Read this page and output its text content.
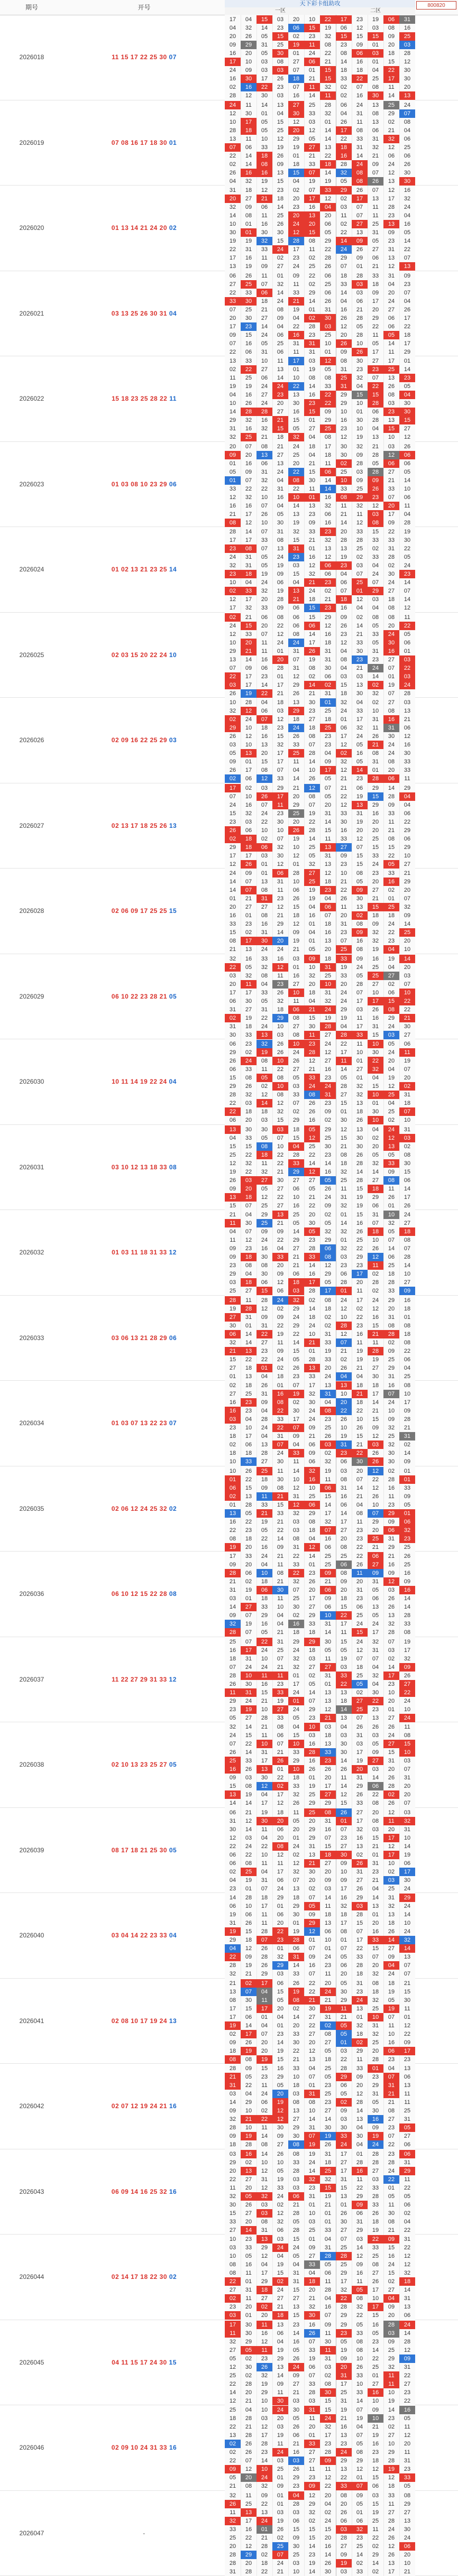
期号	开号	天下彩卡组助攻
一区	二区
800820
2026018	11 15 17 22 25 30 07
17	04	15	03	20	10	22	17	23	19	06	31
04	32	14	23	06	15	19	06	12	03	08	16
20	26	05	15	02	23	32	15	15	15	09	25
09	29	31	25	19	11	08	23	09	01	20	03
16	20	05	30	01	24	22	08	06	03	18	28
17	10	03	08	27	06	21	14	16	01	15	12
24	09	03	03	07	01	15	18	18	04	22	30
16	30	17	26	18	21	15	33	22	25	17	30
02	16	22	23	07	11	32	02	07	08	11	20
28	12	30	03	16	14	11	02	16	30	14	13
2026019	07 08 16 17 18 30 01
24	11	14	13	27	25	28	06	24	13	25	24
12	30	01	04	30	33	32	04	31	08	29	07
10	17	05	15	12	03	01	26	11	13	02	08
28	18	05	25	20	12	14	17	08	06	21	04
13	11	10	12	29	05	14	22	33	31	32	06
07	06	33	19	19	27	13	18	31	32	12	25
22	14	18	26	01	21	22	16	14	21	06	06
02	14	08	09	18	33	18	28	24	09	24	26
26	16	16	13	15	07	14	32	08	07	12	30
04	32	19	15	04	19	19	05	08	26	13	30
2026020	01 13 14 21 24 20 02
31	18	12	23	02	07	33	29	26	07	12	16
20	27	21	18	20	17	12	02	17	13	17	32
32	09	06	14	23	16	04	03	07	11	28	24
14	08	11	25	20	13	20	11	07	11	23	04
10	01	16	26	24	20	06	02	27	25	13	16
30	01	30	30	12	15	05	22	13	31	09	05
19	19	32	15	28	08	29	14	09	05	23	14
22	31	33	24	17	11	22	24	26	27	31	22
17	16	11	02	23	02	28	29	09	06	13	07
13	19	09	27	24	25	26	07	01	21	12	13
2026021	03 13 25 26 30 31 04
06	26	11	01	09	22	06	18	28	33	31	09
27	25	07	32	11	02	25	33	03	18	04	23
22	33	06	14	33	29	06	14	03	09	20	07
33	30	18	24	21	14	26	04	06	17	24	04
07	25	21	08	19	01	31	16	21	20	27	26
20	30	27	09	04	02	30	26	28	29	06	17
17	23	14	04	22	28	03	12	05	22	06	22
09	15	24	06	16	23	25	20	28	11	05	18
07	16	05	25	31	31	10	26	10	05	14	17
22	06	31	06	11	31	01	09	26	17	11	29
2026022	15 18 23 25 28 22 11
13	33	10	11	17	03	12	08	30	27	17	01
02	22	27	13	01	19	05	31	23	23	25	14
11	25	06	14	10	08	08	25	32	07	13	23
19	19	24	24	22	14	33	31	04	22	26	05
04	16	27	23	13	16	22	29	15	15	08	04
10	26	24	20	30	23	22	29	10	28	03	30
14	28	28	27	16	15	09	10	01	06	23	30
29	32	16	21	15	01	29	16	30	28	13	15
31	16	32	15	05	27	25	23	10	04	15	27
32	25	21	18	32	04	08	12	19	13	10	12
2026023	01 03 08 10 23 29 06
20	07	08	21	24	18	17	30	32	21	03	26
09	20	13	27	25	04	18	30	09	28	12	06
01	16	06	13	20	21	11	02	28	05	06	06
05	09	31	24	22	15	06	25	03	28	27	05
01	07	32	04	08	30	14	10	09	09	21	14
33	22	22	31	22	11	14	33	25	26	33	10
12	32	10	16	10	01	16	08	29	23	07	06
16	16	07	04	14	13	32	11	32	12	20	11
21	17	26	05	13	23	06	21	11	03	17	04
08	12	10	30	19	09	16	14	12	08	09	28
2026024	01 02 13 21 23 25 14
28	14	07	31	32	33	23	20	33	15	22	19
17	17	33	08	15	21	32	28	28	33	33	30
23	08	07	13	31	01	13	13	25	02	31	22
24	31	05	24	23	16	12	19	02	33	28	05
32	31	05	19	03	12	06	23	03	04	02	24
23	18	19	09	15	32	06	04	07	24	30	23
10	04	24	06	04	21	23	06	25	07	24	14
02	33	32	19	13	24	02	07	01	29	27	07
12	17	20	28	21	18	21	18	12	03	18	14
17	32	33	09	06	15	23	16	04	04	08	12
2026025	02 03 15 20 22 24 10
02	21	06	08	06	15	29	09	02	08	08	11
24	15	20	22	06	06	12	26	14	05	20	22
12	33	07	12	08	14	16	23	21	33	24	05
10	20	11	24	24	17	18	12	33	05	30	06
29	21	11	01	31	26	31	04	30	31	16	01
13	14	16	20	07	19	31	08	23	23	27	03
07	09	06	28	31	08	30	04	21	24	07	22
22	17	23	01	12	02	06	03	03	14	01	03
03	17	14	17	29	14	02	15	13	02	19	24
26	19	22	21	26	21	31	18	30	32	07	28
2026026	02 09 16 22 25 29 03
10	28	04	18	13	30	01	32	04	02	27	03
32	12	06	03	29	23	25	24	33	10	08	13
02	24	07	12	18	27	18	01	17	31	16	21
29	10	18	23	24	18	25	06	32	11	31	06
26	12	16	15	26	08	23	17	24	26	30	12
03	10	13	32	33	07	23	12	05	21	24	16
05	13	20	17	25	28	04	02	16	08	24	30
09	01	15	17	11	14	09	32	05	31	08	33
26	17	08	07	04	10	17	12	14	01	20	33
02	06	12	33	14	26	05	21	23	28	06	11
2026027	02 13 17 18 25 26 13
17	02	03	29	21	12	07	21	06	29	14	29
07	10	26	17	20	08	05	22	19	15	28	04
24	16	07	11	29	07	20	12	13	29	09	04
15	32	24	23	25	19	31	33	31	16	33	06
23	03	22	30	20	22	14	30	19	20	11	22
26	06	10	10	26	28	15	16	20	20	21	29
02	18	02	07	19	14	11	33	12	25	08	06
29	18	06	32	10	25	13	27	07	15	15	29
17	17	03	30	12	05	31	09	15	33	22	10
12	26	01	12	01	32	13	23	15	24	05	27
2026028	02 06 09 17 25 25 15
24	09	01	06	28	27	12	10	08	23	33	21
14	07	13	31	10	25	18	21	05	20	16	29
14	07	08	11	06	19	23	22	09	27	02	20
01	21	31	23	26	19	04	26	30	21	01	07
20	27	27	12	15	04	06	11	13	15	25	32
16	01	08	21	18	16	07	20	02	18	18	09
33	23	16	29	12	01	18	31	08	09	24	14
15	02	31	14	09	04	16	23	09	32	22	25
08	17	30	20	19	01	13	07	16	32	23	20
21	13	24	24	21	05	20	25	08	19	04	10
2026029	06 10 22 23 28 21 05
32	16	33	16	03	09	18	33	09	16	19	14
22	05	32	12	01	10	31	19	24	25	04	20
03	32	08	11	16	32	25	33	05	25	27	03
20	11	04	23	27	20	10	20	28	27	02	07
17	17	33	26	10	18	31	24	07	10	06	10
06	30	05	32	11	04	32	24	17	17	15	22
31	27	31	18	06	21	24	29	03	26	08	22
02	19	22	29	08	15	19	19	11	16	29	21
31	18	24	10	27	30	28	04	17	31	24	30
30	33	13	03	08	11	27	28	33	15	03	27
2026030	10 11 14 19 22 24 04
06	23	32	26	10	23	24	22	11	10	05	06
29	02	19	26	24	28	12	17	10	30	24	11
26	24	08	10	26	12	27	11	01	22	20	19
06	33	11	22	27	21	16	14	27	32	04	07
15	08	05	08	05	33	23	05	01	04	19	20
29	26	02	10	03	24	24	28	32	15	12	02
28	32	12	08	33	08	31	27	32	10	25	31
22	03	14	12	07	26	23	15	13	01	04	18
22	18	18	32	02	26	09	01	18	30	25	07
06	20	03	15	29	16	02	30	26	10	02	10
2026031	03 10 12 13 18 33 08
13	30	30	03	18	05	29	12	13	04	24	31
04	33	05	07	15	12	25	15	30	02	12	03
15	15	08	10	04	25	30	21	30	20	13	02
25	22	18	22	28	22	23	08	26	05	05	08
12	32	11	22	33	14	14	18	28	32	33	30
19	22	32	21	29	12	16	32	14	14	09	15
26	03	27	30	27	27	05	25	28	27	08	06
09	20	05	27	06	05	26	11	15	18	11	14
13	18	12	22	10	21	24	31	19	29	26	17
15	07	25	27	16	22	09	32	19	06	01	26
2026032	01 03 11 18 31 33 12
21	04	29	13	25	20	02	01	15	31	10	24
11	30	25	21	05	30	05	14	16	07	32	27
04	07	09	09	14	05	32	32	26	18	05	18
11	12	24	22	29	23	29	01	25	10	07	08
09	23	16	04	27	28	06	32	22	26	14	07
09	18	30	33	21	33	08	03	29	12	06	28
23	08	08	20	21	14	12	23	23	11	25	14
29	04	30	09	06	16	29	06	17	02	18	10
03	18	06	12	18	17	05	28	20	28	28	27
25	27	15	06	03	28	17	01	11	02	33	09
2026033	03 06 13 21 28 29 06
28	11	28	24	32	02	08	24	17	24	29	16
19	28	12	02	29	14	18	12	02	12	20	18
27	31	09	09	24	18	02	10	22	16	31	01
30	01	31	22	29	24	02	28	23	15	08	08
06	14	22	19	22	10	31	12	16	21	28	18
32	14	27	11	14	21	33	07	11	11	02	08
21	13	23	09	15	01	19	21	19	28	09	22
15	22	22	24	05	28	33	02	19	19	25	06
27	18	01	02	26	13	20	26	21	27	29	04
01	13	04	18	23	33	24	04	04	30	31	25
2026034	01 03 07 13 22 23 07
02	18	26	01	07	17	13	13	18	18	16	08
27	25	31	16	19	32	31	10	21	17	07	10
16	23	09	08	02	30	04	20	18	14	24	17
16	23	04	22	30	24	08	22	22	21	10	09
03	04	28	33	17	24	23	26	10	15	09	28
23	10	24	22	07	09	25	10	26	09	32	21
18	17	04	31	09	21	26	19	15	12	25	31
02	06	13	07	04	06	03	31	21	03	32	02
18	18	28	24	33	09	02	23	22	26	30	14
10	33	27	30	11	06	32	06	30	26	30	09
2026035	02 06 12 24 25 32 02
10	26	25	11	14	32	19	03	20	12	02	01
01	22	18	30	10	16	11	08	07	22	28	01
06	15	09	08	12	10	06	31	14	12	16	33
02	13	11	21	31	25	15	16	21	26	11	09
01	28	33	15	12	06	14	06	04	10	23	05
13	05	21	33	32	29	17	14	08	07	29	01
16	22	19	21	03	08	32	17	11	29	09	06
22	23	05	22	03	18	07	27	23	20	06	32
08	18	22	14	08	04	16	20	23	25	31	23
19	20	16	09	31	12	06	08	22	21	29	25
2026036	06 10 12 15 22 28 08
17	33	24	21	22	14	25	25	22	06	21	26
09	20	04	11	33	01	25	06	26	27	16	25
28	06	10	08	22	23	09	08	11	09	09	16
21	02	18	21	32	26	21	09	20	31	12	09
31	19	06	30	07	20	06	20	31	05	03	16
03	01	18	11	25	17	09	18	23	06	26	14
14	27	33	10	30	27	06	15	06	13	26	14
09	07	29	04	02	29	10	22	25	05	13	28
32	19	16	04	16	33	31	17	24	24	32	33
28	07	05	21	18	18	14	11	15	17	28	08
2026037	11 22 27 29 31 33 12
25	07	22	31	29	29	30	15	24	32	07	19
16	17	24	25	24	18	05	05	12	31	03	17
18	31	10	07	32	03	11	19	07	07	02	32
07	24	24	21	32	27	27	03	18	04	14	09
28	10	11	11	01	02	31	33	25	32	17	26
26	30	16	23	17	05	01	22	05	04	23	27
11	31	15	33	24	14	13	13	02	30	10	22
29	24	21	19	01	07	13	18	27	22	20	24
23	19	10	27	24	29	12	14	25	23	01	10
05	27	28	33	05	23	21	13	07	13	27	24
2026038	02 10 13 23 25 27 05
32	14	21	08	04	10	03	04	26	26	26	11
24	15	11	06	15	03	18	03	31	03	24	08
07	22	10	07	10	16	13	30	03	05	27	15
26	14	31	21	33	28	33	30	17	09	15	10
25	33	17	26	29	16	23	14	19	27	31	03
16	26	13	01	10	26	26	26	20	03	20	07
09	03	30	22	18	01	20	11	31	14	26	31
15	08	12	02	33	19	17	14	29	06	28	20
13	19	04	17	32	25	27	12	26	22	02	20
14	14	17	12	26	29	29	15	33	08	26	07
2026039	08 17 18 21 25 30 05
06	21	19	18	11	25	08	26	27	20	12	03
31	12	30	20	05	20	31	01	17	08	11	32
30	14	11	06	20	29	16	07	32	03	20	31
12	03	04	20	01	29	07	23	16	15	17	10
22	24	22	08	24	31	15	27	13	21	12	14
06	22	10	12	02	13	18	30	02	01	17	19
06	08	11	11	12	21	27	09	26	31	10	06
02	25	04	17	32	30	20	10	31	23	02	17
04	19	31	06	07	20	09	09	27	21	03	30
23	01	07	24	13	02	03	17	26	04	25	24
2026040	03 04 14 22 23 33 04
14	28	18	29	18	07	14	16	29	14	31	29
06	10	17	01	29	05	11	32	03	13	32	24
19	06	11	06	30	09	18	18	28	01	13	14
31	26	11	20	01	29	13	17	15	20	18	10
19	15	28	22	19	12	06	08	07	16	26	24
29	18	07	23	28	01	10	01	17	33	14	32
04	12	26	01	06	07	01	07	22	15	27	14
22	09	28	32	31	09	24	05	33	07	09	13
28	19	26	29	14	16	23	06	28	20	04	07
32	21	29	03	33	07	11	20	18	32	24	07
2026041	02 08 10 17 19 24 13
21	02	17	06	26	22	20	05	31	08	18	21
13	07	04	15	19	22	24	30	23	18	19	15
08	30	11	05	08	21	21	29	24	32	05	30
17	15	17	20	02	30	19	11	13	25	19	11
17	06	01	04	14	27	31	21	01	10	07	01
19	14	04	01	20	22	02	05	32	31	11	12
02	17	07	23	33	27	08	05	18	32	10	22
09	26	20	14	30	20	27	01	02	25	16	09
18	19	20	19	22	12	05	03	29	20	06	17
08	08	19	15	21	13	18	22	11	28	23	23
2026042	02 07 12 19 24 21 16
28	09	15	16	33	04	25	28	33	01	04	13
21	05	23	29	10	07	05	29	09	23	07	06
31	22	11	05	18	01	23	06	20	29	31	13
03	04	24	20	03	31	25	05	12	31	21	11
14	29	06	19	08	08	23	02	28	05	21	11
09	10	02	12	13	10	27	09	14	30	08	25
32	21	22	12	27	14	14	03	13	16	27	31
28	10	11	30	29	31	30	30	04	09	23	05
09	19	14	09	30	07	19	33	30	19	07	27
18	28	08	27	08	19	26	24	04	24	22	06
2026043	06 09 14 16 25 32 16
03	16	14	26	08	19	31	17	01	28	23	06
29	02	10	10	33	24	18	27	28	28	28	31
20	13	12	05	28	14	25	17	16	27	24	29
22	27	31	19	03	32	32	31	11	03	22	11
11	20	12	33	03	23	15	15	22	33	01	22
32	05	32	24	06	31	19	13	29	28	05	05
30	26	03	02	21	01	21	01	09	33	11	06
15	27	03	12	28	10	01	26	06	26	30	02
33	20	08	32	05	03	01	30	31	18	08	04
27	14	31	06	28	25	33	27	29	19	21	22
2026044	02 14 17 18 22 30 02
10	23	13	03	15	01	04	07	03	22	09	31
03	33	29	24	24	09	31	25	14	33	15	22
10	05	12	04	05	27	28	28	12	25	16	12
08	16	04	19	04	33	05	25	09	08	24	12
08	11	17	15	31	04	06	29	16	27	15	32
22	01	29	02	31	18	11	17	11	26	02	18
27	31	18	24	15	20	28	32	05	17	27	14
02	11	27	27	27	21	04	22	08	10	04	31
23	20	02	21	13	32	16	28	32	17	09	13
03	01	20	18	15	30	07	29	22	15	20	06
2026045	04 11 15 17 24 30 15
17	30	11	13	23	16	09	29	05	16	28	24
11	30	16	06	14	26	11	23	33	05	03	14
32	29	12	04	16	07	30	05	08	23	09	28
27	05	11	19	05	33	11	19	08	14	25	12
05	02	23	29	26	19	31	09	10	22	29	09
12	30	26	13	24	06	03	20	26	25	32	31
25	02	32	14	09	07	02	31	33	01	11	22
22	28	19	09	27	33	08	17	10	27	11	27
14	20	29	11	21	28	30	25	33	16	10	23
12	21	10	30	03	03	15	31	14	10	19	22
2026046	02 09 10 24 31 33 16
25	04	10	24	30	31	15	19	07	09	14	16
18	28	03	20	05	11	24	21	19	10	23	05
22	21	12	03	26	20	32	16	04	21	02	11
13	28	17	19	06	01	17	13	07	19	27	12
02	26	28	11	21	33	23	23	05	16	10	20
02	26	23	24	16	27	28	24	08	23	29	11
22	07	14	03	03	27	09	29	29	18	28	31
09	12	10	25	26	11	11	13	12	12	19	23
05	20	24	01	29	23	12	22	01	15	12	33
21	08	32	09	23	09	22	33	07	06	18	05
2026047	-
32	11	09	01	04	12	20	08	09	03	33	08
26	25	22	01	28	29	04	20	05	15	11	29
11	13	13	03	03	32	02	26	01	19	27	27
32	17	24	19	06	02	24	06	06	25	28	13
33	16	01	26	15	15	15	03	32	11	24	30
25	22	21	02	09	15	20	28	23	22	26	24
20	12	28	25	30	14	16	27	25	02	12	06
28	29	02	07	25	23	14	09	14	29	26	20
28	20	18	24	03	19	26	19	02	14	13	10
31	28	22	21	10	14	30	03	33	02	17	21
